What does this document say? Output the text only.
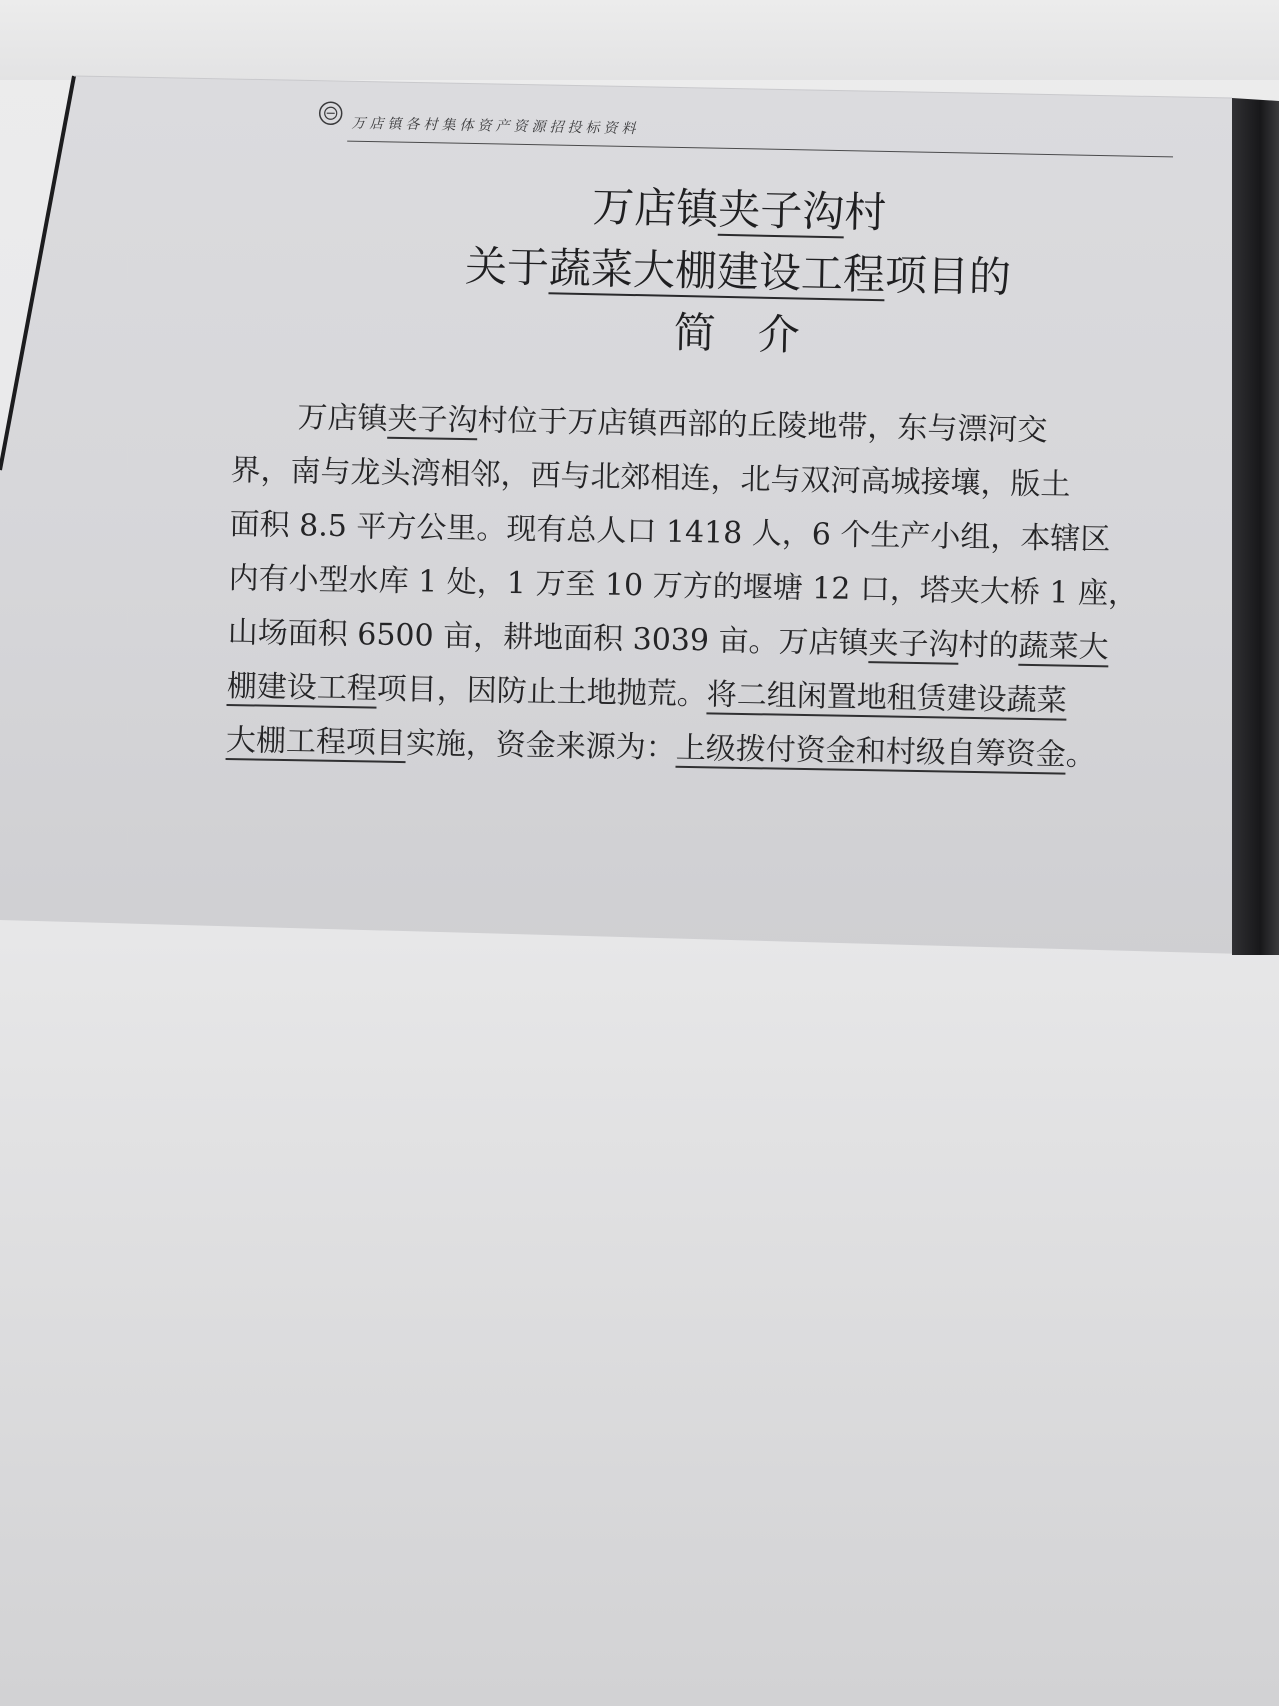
万店镇各村集体资产资源招投标资料
万店镇夹子沟村
关于蔬菜大棚建设工程项目的
简　介
万店镇夹子沟村位于万店镇西部的丘陵地带，东与漂河交
界，南与龙头湾相邻，西与北郊相连，北与双河高城接壤，版土
面积 8.5 平方公里。现有总人口 1418 人，6 个生产小组，本辖区
内有小型水库 1 处，1 万至 10 万方的堰塘 12 口，塔夹大桥 1 座，
山场面积 6500 亩，耕地面积 3039 亩。万店镇夹子沟村的蔬菜大
棚建设工程项目，因防止土地抛荒。将二组闲置地租赁建设蔬菜
大棚工程项目实施，资金来源为：上级拨付资金和村级自筹资金。
